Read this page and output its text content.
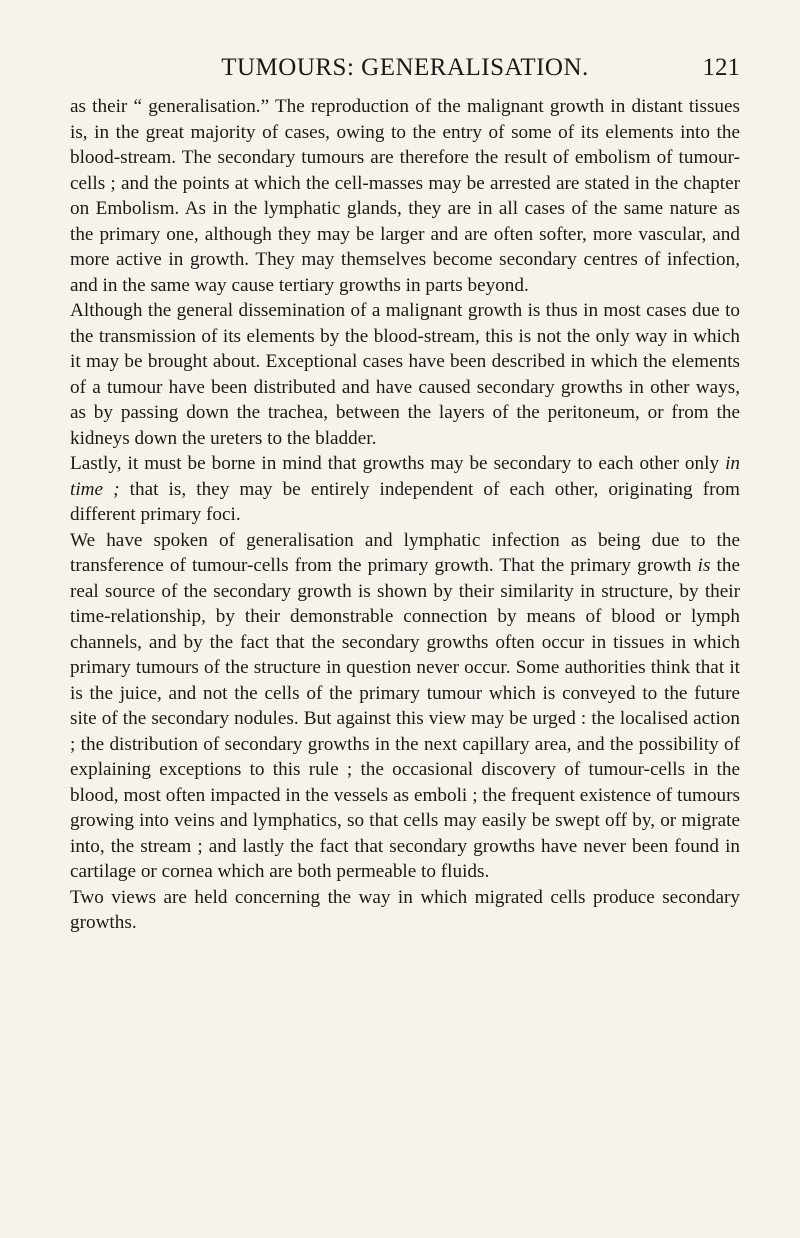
TUMOURS: GENERALISATION.	121

as their “ generalisation.” The reproduction of the malignant growth in distant tissues is, in the great majority of cases, owing to the entry of some of its elements into the blood-stream. The secondary tumours are therefore the result of embolism of tumour-cells ; and the points at which the cell-masses may be arrested are stated in the chapter on Embolism. As in the lymphatic glands, they are in all cases of the same nature as the primary one, although they may be larger and are often softer, more vascular, and more active in growth. They may themselves become secondary centres of infection, and in the same way cause tertiary growths in parts beyond.

Although the general dissemination of a malignant growth is thus in most cases due to the transmission of its elements by the blood-stream, this is not the only way in which it may be brought about. Exceptional cases have been described in which the elements of a tumour have been distributed and have caused secondary growths in other ways, as by passing down the trachea, between the layers of the peritoneum, or from the kidneys down the ureters to the bladder.

Lastly, it must be borne in mind that growths may be secondary to each other only in time ; that is, they may be entirely independent of each other, originating from different primary foci.

We have spoken of generalisation and lymphatic infection as being due to the transference of tumour-cells from the primary growth. That the primary growth is the real source of the secondary growth is shown by their similarity in structure, by their time-relationship, by their demonstrable connection by means of blood or lymph channels, and by the fact that the secondary growths often occur in tissues in which primary tumours of the structure in question never occur. Some authorities think that it is the juice, and not the cells of the primary tumour which is conveyed to the future site of the secondary nodules. But against this view may be urged : the localised action ; the distribution of secondary growths in the next capillary area, and the possibility of explaining exceptions to this rule ; the occasional discovery of tumour-cells in the blood, most often impacted in the vessels as emboli ; the frequent existence of tumours growing into veins and lymphatics, so that cells may easily be swept off by, or migrate into, the stream ; and lastly the fact that secondary growths have never been found in cartilage or cornea which are both permeable to fluids.

Two views are held concerning the way in which migrated cells produce secondary growths.
